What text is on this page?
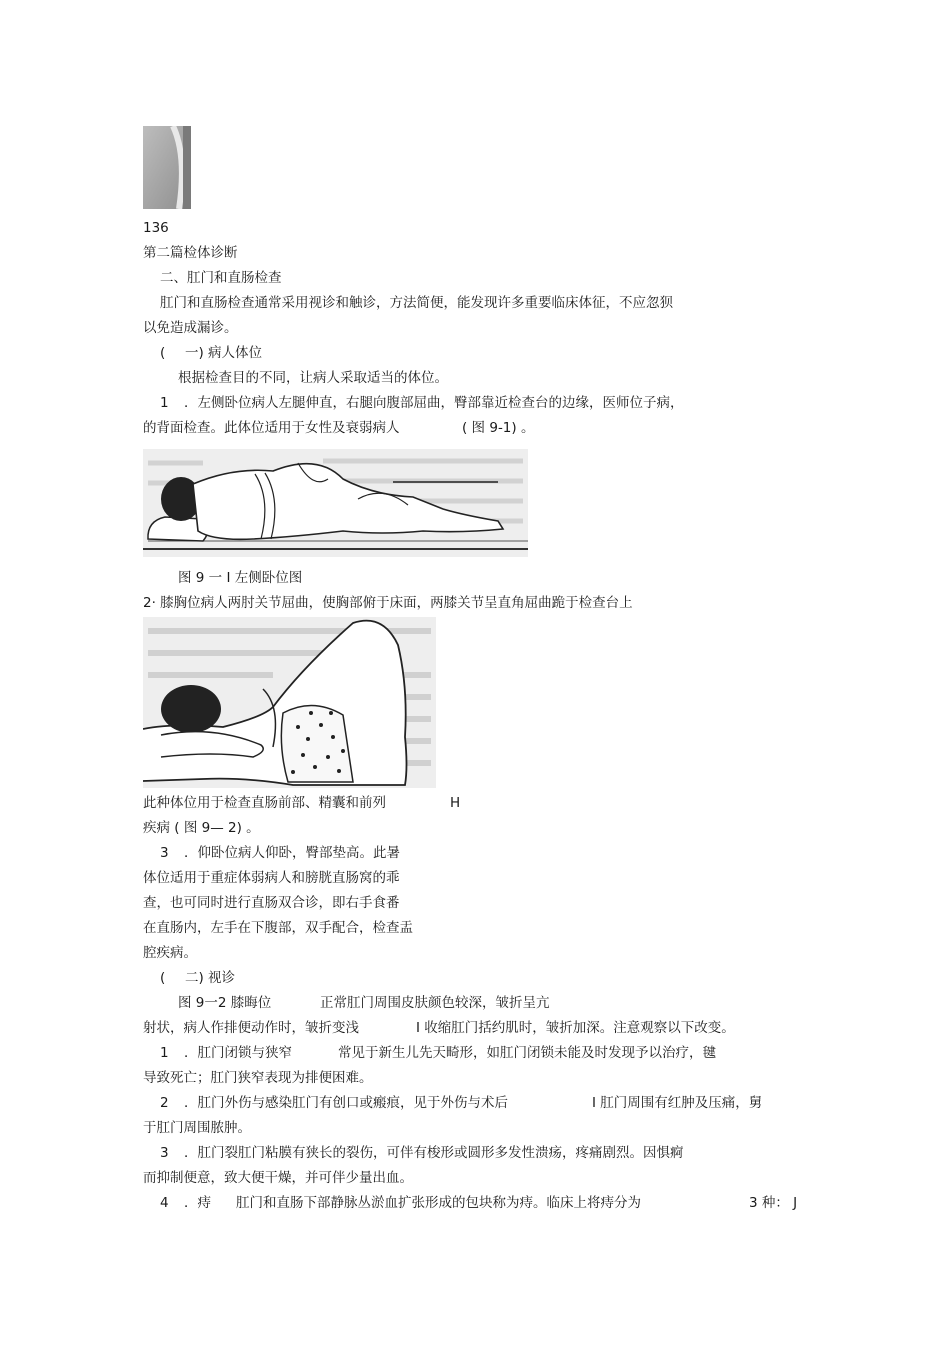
136
第二篇检体诊断
二、肛门和直肠检查
肛门和直肠检查通常采用视诊和触诊，方法简便，能发现许多重要临床体征，不应忽狈
以免造成漏诊。
( 一) 病人体位
根据检查目的不同，让病人采取适当的体位。
1 ．左侧卧位病人左腿伸直，右腿向腹部屈曲，臀部靠近检查台的边缘，医师位子病，
的背面检查。此体位适用于女性及衰弱病人	( 图 9-1) 。
图 9 一 I 左侧卧位图
2· 膝胸位病人两肘关节屈曲，使胸部俯于床面，两膝关节呈直角屈曲跪于检查台上
此种体位用于检查直肠前部、精囊和前列	H
疾病 ( 图 9— 2) 。
3 ．仰卧位病人仰卧，臀部垫高。此暑
体位适用于重症体弱病人和膀胱直肠窝的乖
查，也可同时进行直肠双合诊，即右手食番
在直肠内，左手在下腹部，双手配合，检查盂
腔疾病。
( 二) 视诊
图 9一2 膝晦位	正常肛门周围皮肤颜色较深，皱折呈亢
射状，病人作排便动作时，皱折变浅	I 收缩肛门括约肌时，皱折加深。注意观察以下改变。
1 ．肛门闭锁与狭窄	常见于新生儿先天畸形，如肛门闭锁未能及时发现予以治疗，毽
导致死亡；肛门狭窄表现为排便困难。
2 ．肛门外伤与感染肛门有创口或瘢痕，见于外伤与术后	I 肛门周围有红肿及压痛，舅
于肛门周围脓肿。
3 ．肛门裂肛门粘膜有狭长的裂伤，可伴有梭形或圆形多发性溃疡，疼痛剧烈。因惧痾
而抑制便意，致大便干燥，并可伴少量出血。
4 ．痔 肛门和直肠下部静脉丛淤血扩张形成的包块称为痔。临床上将痔分为	3 种： J
